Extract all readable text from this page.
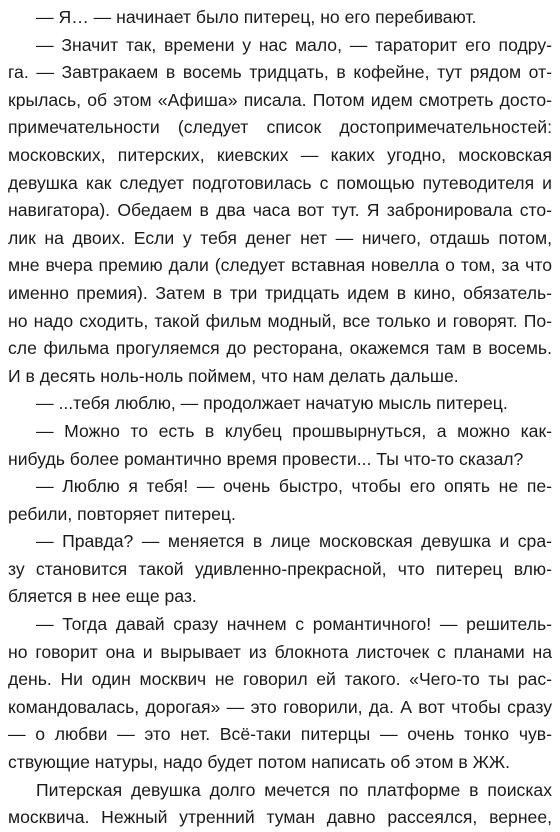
— Я… — начинает было питерец, но его перебивают.
— Значит так, времени у нас мало, — тараторит его подру-
га. — Завтракаем в восемь тридцать, в кофейне, тут рядом от-
крылась, об этом «Афиша» писала. Потом идем смотреть досто-
примечательности (следует список достопримечательностей:
московских, питерских, киевских — каких угодно, московская
девушка как следует подготовилась с помощью путеводителя и
навигатора). Обедаем в два часа вот тут. Я забронировала сто-
лик на двоих. Если у тебя денег нет — ничего, отдашь потом,
мне вчера премию дали (следует вставная новелла о том, за что
именно премия). Затем в три тридцать идем в кино, обязатель-
но надо сходить, такой фильм модный, все только и говорят. По-
сле фильма прогуляемся до ресторана, окажемся там в восемь.
И в десять ноль-ноль поймем, что нам делать дальше.
— ...тебя люблю, — продолжает начатую мысль питерец.
— Можно то есть в клубец прошвырнуться, а можно как-
нибудь более романтично время провести... Ты что-то сказал?
— Люблю я тебя! — очень быстро, чтобы его опять не пе-
ребили, повторяет питерец.
— Правда? — меняется в лице московская девушка и сра-
зу становится такой удивленно-прекрасной, что питерец влю-
бляется в нее еще раз.
— Тогда давай сразу начнем с романтичного! — решитель-
но говорит она и вырывает из блокнота листочек с планами на
день. Ни один москвич не говорил ей такого. «Чего-то ты рас-
командовалась, дорогая» — это говорили, да. А вот чтобы сразу
— о любви — это нет. Всё-таки питерцы — очень тонко чув-
ствующие натуры, надо будет потом написать об этом в ЖЖ.
Питерская девушка долго мечется по платформе в поисках
москвича. Нежный утренний туман давно рассеялся, вернее,
